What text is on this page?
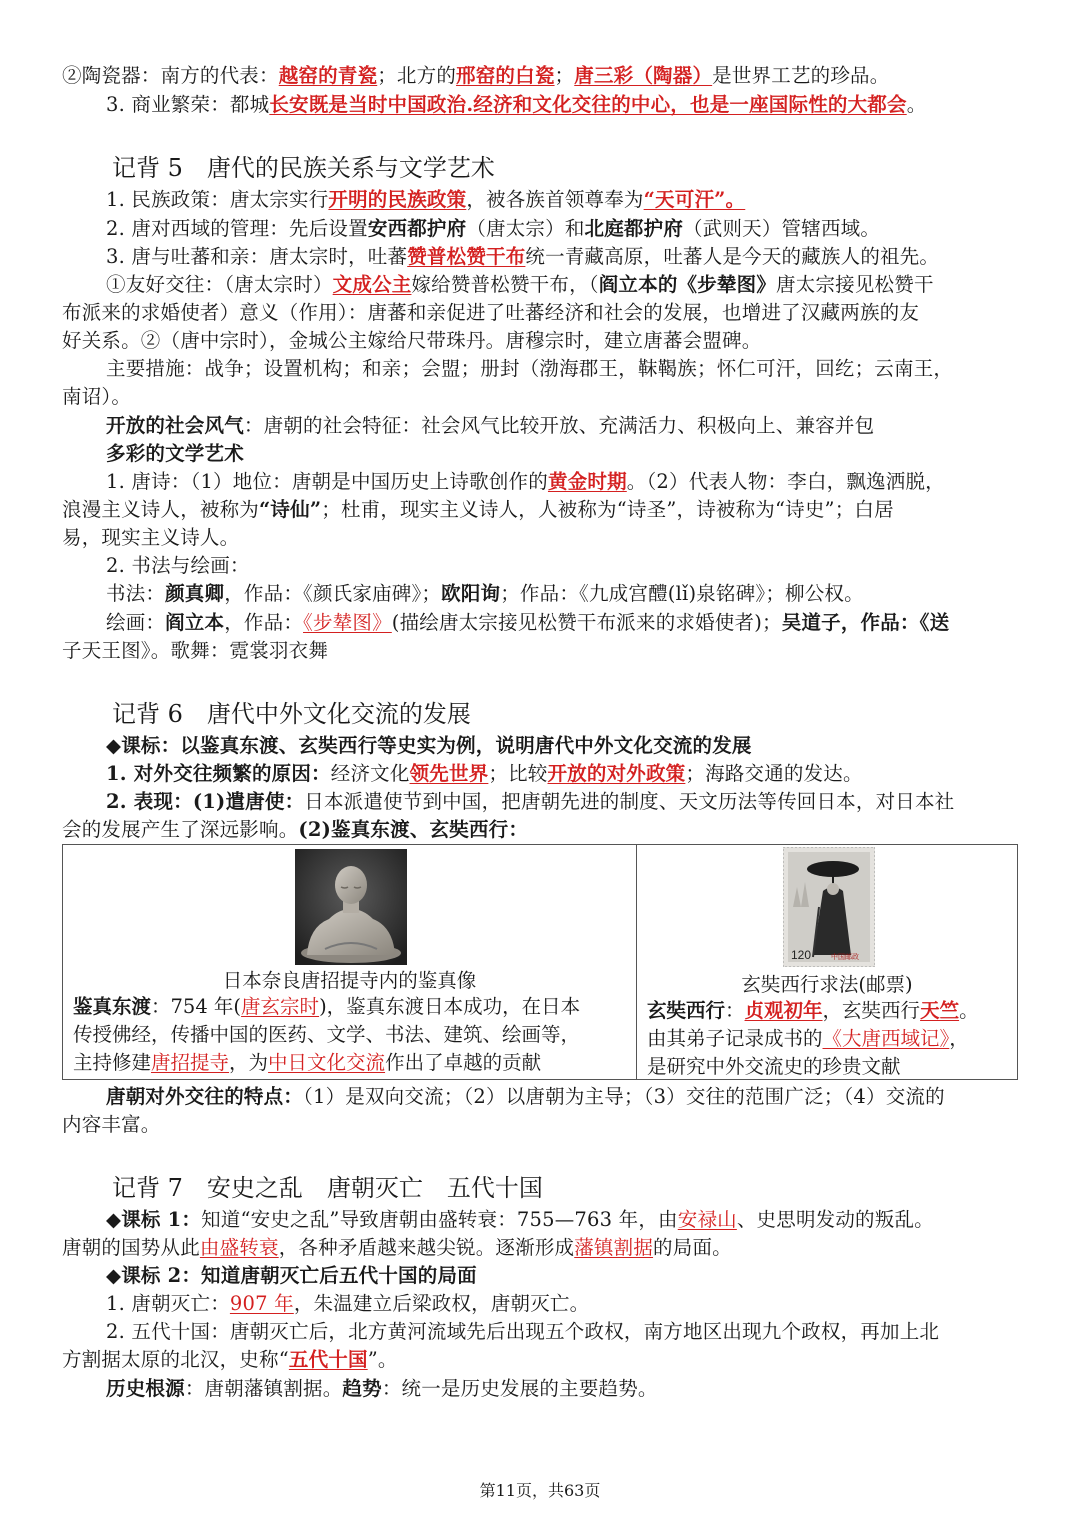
②陶瓷器：南方的代表：越窑的青瓷；北方的邢窑的白瓷；唐三彩（陶器）是世界工艺的珍品。
3. 商业繁荣：都城长安既是当时中国政治.经济和文化交往的中心，也是一座国际性的大都会。
记背 5　唐代的民族关系与文学艺术
1. 民族政策：唐太宗实行开明的民族政策，被各族首领尊奉为“天可汗”。
2. 唐对西域的管理：先后设置安西都护府（唐太宗）和北庭都护府（武则天）管辖西域。
3. 唐与吐蕃和亲：唐太宗时，吐蕃赞普松赞干布统一青藏高原，吐蕃人是今天的藏族人的祖先。
①友好交往：（唐太宗时）文成公主嫁给赞普松赞干布，（阎立本的《步辇图》唐太宗接见松赞干
布派来的求婚使者）意义（作用）：唐蕃和亲促进了吐蕃经济和社会的发展，也增进了汉藏两族的友
好关系。②（唐中宗时），金城公主嫁给尺带珠丹。唐穆宗时，建立唐蕃会盟碑。
主要措施：战争；设置机构；和亲；会盟；册封（渤海郡王，靺鞨族；怀仁可汗，回纥；云南王，
南诏）。
开放的社会风气：唐朝的社会特征：社会风气比较开放、充满活力、积极向上、兼容并包
多彩的文学艺术
1. 唐诗：（1）地位：唐朝是中国历史上诗歌创作的黄金时期。（2）代表人物：李白，飘逸洒脱，
浪漫主义诗人，被称为“诗仙”；杜甫，现实主义诗人，人被称为“诗圣”，诗被称为“诗史”；白居
易，现实主义诗人。
2. 书法与绘画：
书法：颜真卿，作品：《颜氏家庙碑》；欧阳询；作品：《九成宫醴(lǐ)泉铭碑》；柳公权。
绘画：阎立本，作品：《步辇图》(描绘唐太宗接见松赞干布派来的求婚使者)；吴道子，作品：《送
子天王图》。歌舞：霓裳羽衣舞
记背 6　唐代中外文化交流的发展
◆课标：以鉴真东渡、玄奘西行等史实为例，说明唐代中外文化交流的发展
1. 对外交往频繁的原因：经济文化领先世界；比较开放的对外政策；海路交通的发达。
2. 表现：(1)遣唐使：日本派遣使节到中国，把唐朝先进的制度、天文历法等传回日本，对日本社
会的发展产生了深远影响。(2)鉴真东渡、玄奘西行：
日本奈良唐招提寺内的鉴真像
鉴真东渡：754 年(唐玄宗时)，鉴真东渡日本成功，在日本
传授佛经，传播中国的医药、文学、书法、建筑、绘画等，
主持修建唐招提寺，为中日文化交流作出了卓越的贡献

120	中国邮政
玄奘西行求法(邮票)
玄奘西行：贞观初年，玄奘西行天竺。
由其弟子记录成书的《大唐西域记》，
是研究中外交流史的珍贵文献
唐朝对外交往的特点：（1）是双向交流；（2）以唐朝为主导；（3）交往的范围广泛；（4）交流的
内容丰富。
记背 7　安史之乱　唐朝灭亡　五代十国
◆课标 1：知道“安史之乱”导致唐朝由盛转衰：755—763 年，由安禄山、史思明发动的叛乱。
唐朝的国势从此由盛转衰，各种矛盾越来越尖锐。逐渐形成藩镇割据的局面。
◆课标 2：知道唐朝灭亡后五代十国的局面
1. 唐朝灭亡：907 年，朱温建立后梁政权，唐朝灭亡。
2. 五代十国：唐朝灭亡后，北方黄河流域先后出现五个政权，南方地区出现九个政权，再加上北
方割据太原的北汉，史称“五代十国”。
历史根源：唐朝藩镇割据。趋势：统一是历史发展的主要趋势。
第11页，共63页
